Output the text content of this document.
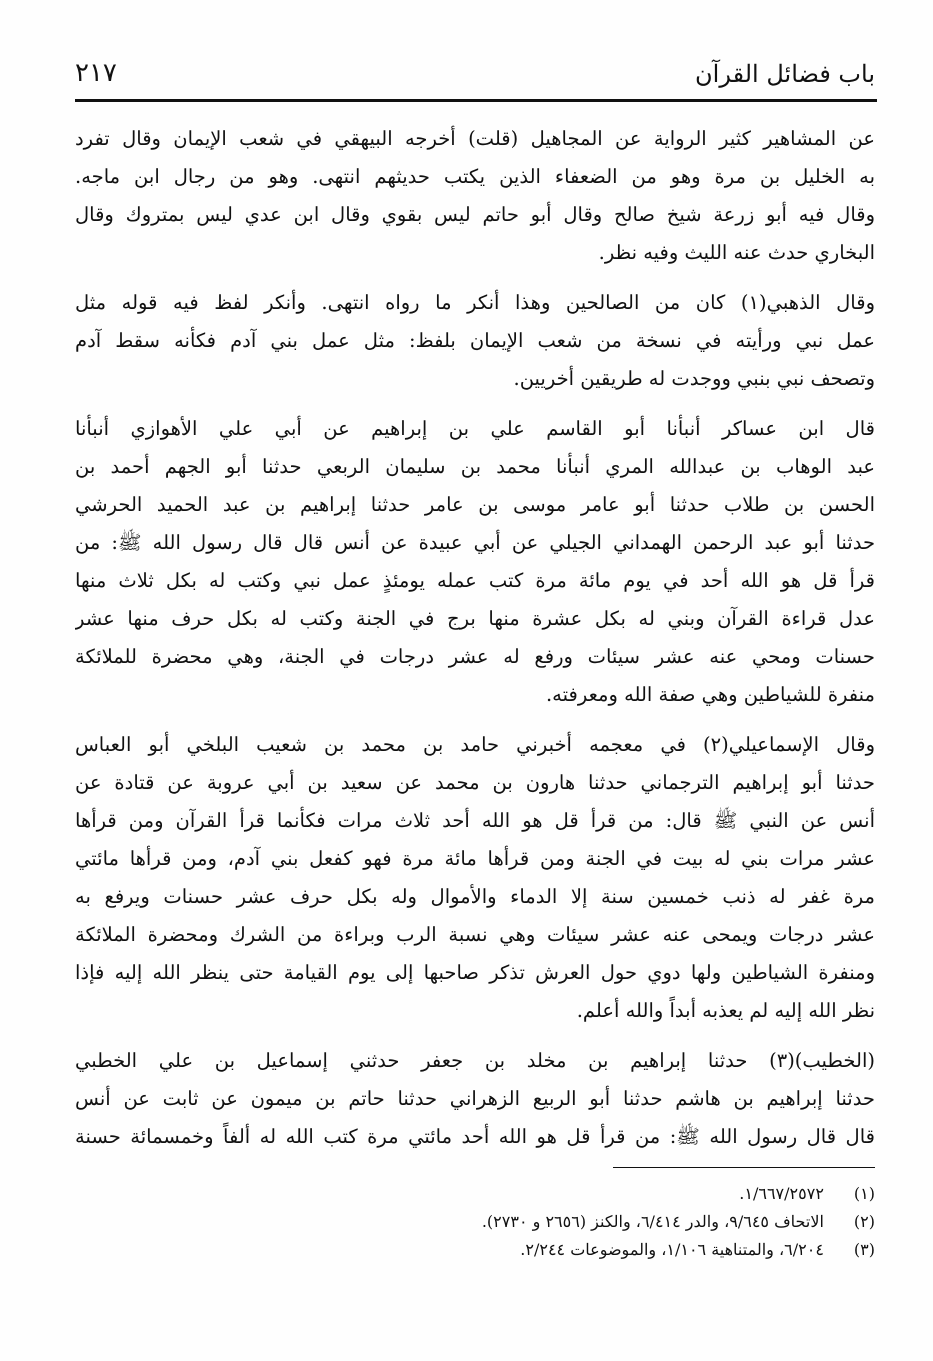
باب فضائل القرآن
٢١٧
عن المشاهير كثير الرواية عن المجاهيل (قلت) أخرجه البيهقي في شعب الإيمان وقال تفرد
به الخليل بن مرة وهو من الضعفاء الذين يكتب حديثهم انتهى. وهو من رجال ابن ماجه.
وقال فيه أبو زرعة شيخ صالح وقال أبو حاتم ليس بقوي وقال ابن عدي ليس بمتروك وقال
البخاري حدث عنه الليث وفيه نظر.
وقال الذهبي(١) كان من الصالحين وهذا أنكر ما رواه انتهى. وأنكر لفظ فيه قوله مثل
عمل نبي ورأيته في نسخة من شعب الإيمان بلفظ: مثل عمل بني آدم فكأنه سقط آدم
وتصحف نبي بنبي ووجدت له طريقين أخريين.
قال ابن عساكر أنبأنا أبو القاسم علي بن إبراهيم عن أبي علي الأهوازي أنبأنا
عبد الوهاب بن عبدالله المري أنبأنا محمد بن سليمان الربعي حدثنا أبو الجهم أحمد بن
الحسن بن طلاب حدثنا أبو عامر موسى بن عامر حدثنا إبراهيم بن عبد الحميد الحرشي
حدثنا أبو عبد الرحمن الهمداني الجيلي عن أبي عبيدة عن أنس قال قال رسول الله ﷺ: من
قرأ قل هو الله أحد في يوم مائة مرة كتب عمله يومئذٍ عمل نبي وكتب له بكل ثلاث منها
عدل قراءة القرآن وبني له بكل عشرة منها برج في الجنة وكتب له بكل حرف منها عشر
حسنات ومحي عنه عشر سيئات ورفع له عشر درجات في الجنة، وهي محضرة للملائكة
منفرة للشياطين وهي صفة الله ومعرفته.
وقال الإسماعيلي(٢) في معجمه أخبرني حامد بن محمد بن شعيب البلخي أبو العباس
حدثنا أبو إبراهيم الترجماني حدثنا هارون بن محمد عن سعيد بن أبي عروبة عن قتادة عن
أنس عن النبي ﷺ قال: من قرأ قل هو الله أحد ثلاث مرات فكأنما قرأ القرآن ومن قرأها
عشر مرات بني له بيت في الجنة ومن قرأها مائة مرة فهو كفعل بني آدم، ومن قرأها مائتي
مرة غفر له ذنب خمسين سنة إلا الدماء والأموال وله بكل حرف عشر حسنات ويرفع به
عشر درجات ويمحى عنه عشر سيئات وهي نسبة الرب وبراءة من الشرك ومحضرة الملائكة
ومنفرة الشياطين ولها دوي حول العرش تذكر صاحبها إلى يوم القيامة حتى ينظر الله إليه فإذا
نظر الله إليه لم يعذبه أبداً والله أعلم.
(الخطيب)(٣) حدثنا إبراهيم بن مخلد بن جعفر حدثني إسماعيل بن علي الخطبي
حدثنا إبراهيم بن هاشم حدثنا أبو الربيع الزهراني حدثنا حاتم بن ميمون عن ثابت عن أنس
قال قال رسول الله ﷺ: من قرأ قل هو الله أحد مائتي مرة كتب الله له ألفاً وخمسمائة حسنة
(١) ١/٦٦٧/٢٥٧٢.
(٢) الاتحاف ٩/٦٤٥، والدر ٦/٤١٤، والكنز (٢٦٥٦ و ٢٧٣٠).
(٣) ٦/٢٠٤، والمتناهية ١/١٠٦، والموضوعات ٢/٢٤٤.
